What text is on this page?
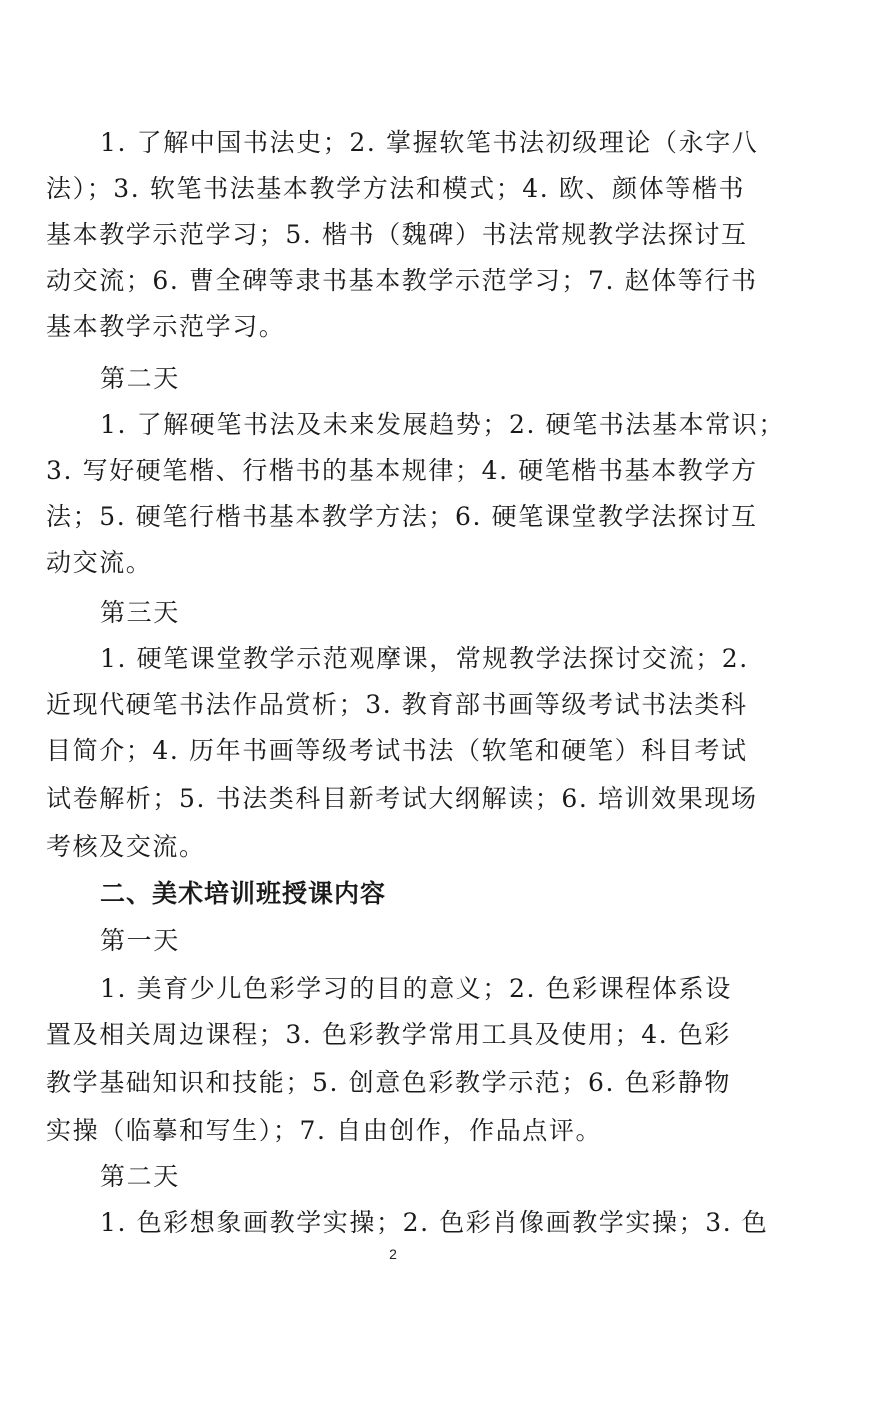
1. 了解中国书法史；2. 掌握软笔书法初级理论（永字八
法）；3. 软笔书法基本教学方法和模式；4. 欧、颜体等楷书
基本教学示范学习；5. 楷书（魏碑）书法常规教学法探讨互
动交流；6. 曹全碑等隶书基本教学示范学习；7. 赵体等行书
基本教学示范学习。
第二天
1. 了解硬笔书法及未来发展趋势；2. 硬笔书法基本常识；
3. 写好硬笔楷、行楷书的基本规律；4. 硬笔楷书基本教学方
法；5. 硬笔行楷书基本教学方法；6. 硬笔课堂教学法探讨互
动交流。
第三天
1. 硬笔课堂教学示范观摩课，常规教学法探讨交流；2.
近现代硬笔书法作品赏析；3. 教育部书画等级考试书法类科
目简介；4. 历年书画等级考试书法（软笔和硬笔）科目考试
试卷解析；5. 书法类科目新考试大纲解读；6. 培训效果现场
考核及交流。
二、美术培训班授课内容
第一天
1. 美育少儿色彩学习的目的意义；2. 色彩课程体系设
置及相关周边课程；3. 色彩教学常用工具及使用；4. 色彩
教学基础知识和技能；5. 创意色彩教学示范；6. 色彩静物
实操（临摹和写生）；7. 自由创作，作品点评。
第二天
1. 色彩想象画教学实操；2. 色彩肖像画教学实操；3. 色
2
